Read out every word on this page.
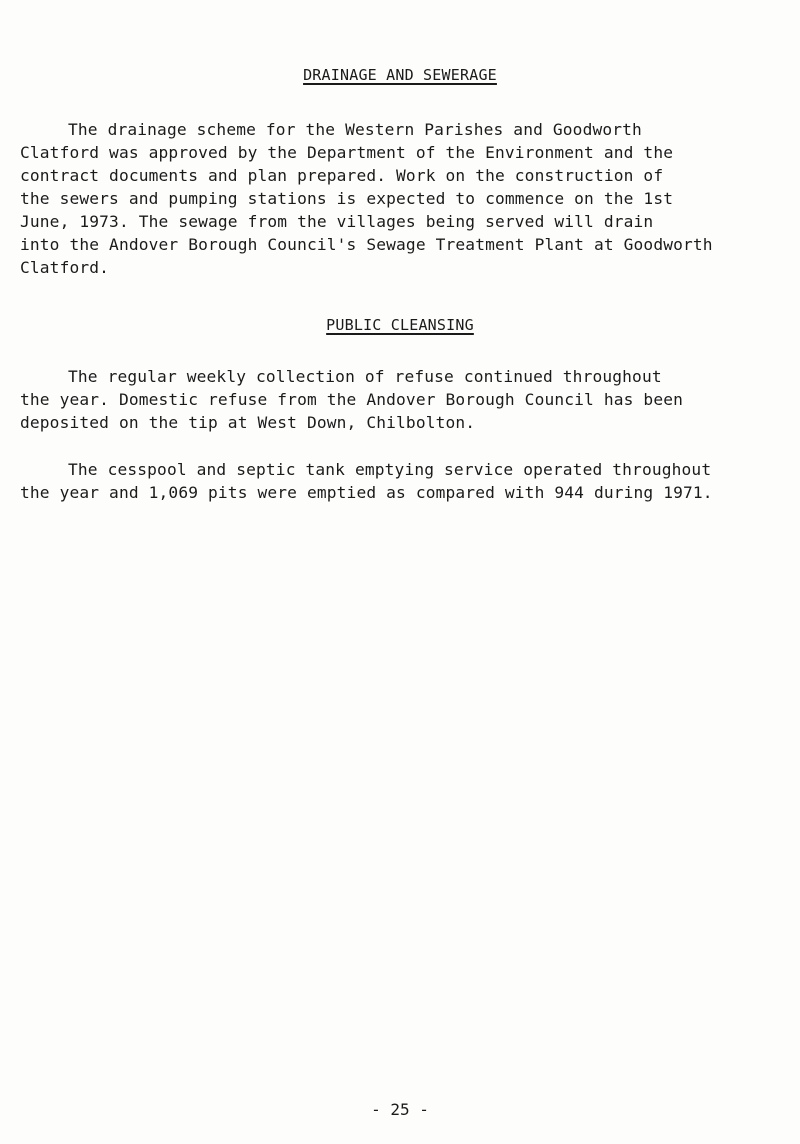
DRAINAGE AND SEWERAGE
The drainage scheme for the Western Parishes and Goodworth
Clatford was approved by the Department of the Environment and the
contract documents and plan prepared. Work on the construction of
the sewers and pumping stations is expected to commence on the 1st
June, 1973. The sewage from the villages being served will drain
into the Andover Borough Council's Sewage Treatment Plant at Goodworth
Clatford.
PUBLIC CLEANSING
The regular weekly collection of refuse continued throughout
the year. Domestic refuse from the Andover Borough Council has been
deposited on the tip at West Down, Chilbolton.
The cesspool and septic tank emptying service operated throughout
the year and 1,069 pits were emptied as compared with 944 during 1971.
- 25 -
